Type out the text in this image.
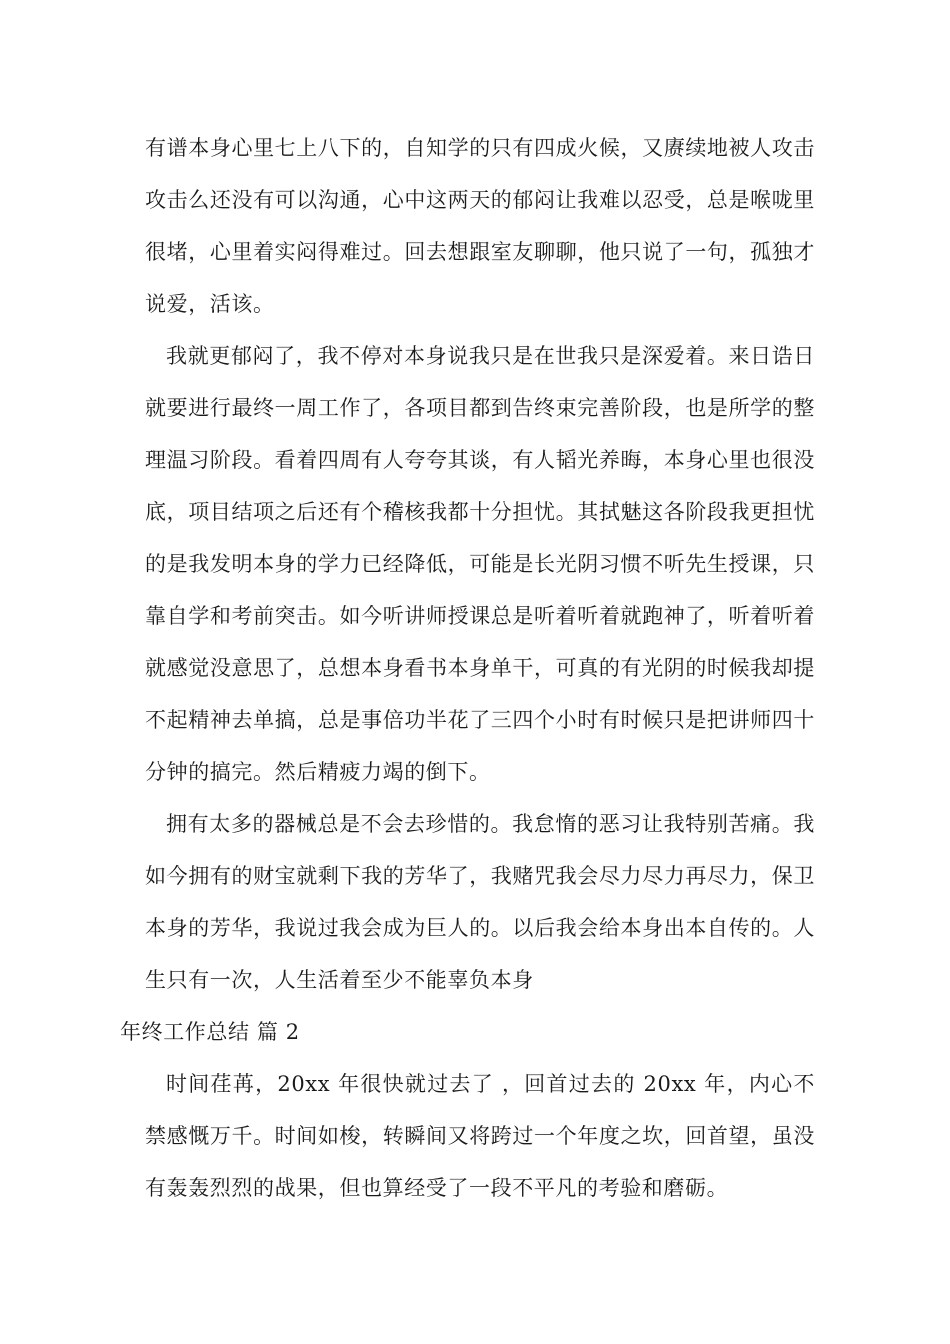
有谱本身心里七上八下的，自知学的只有四成火候，又赓续地被人攻击攻击么还没有可以沟通，心中这两天的郁闷让我难以忍受，总是喉咙里很堵，心里着实闷得难过。回去想跟室友聊聊，他只说了一句，孤独才说爱，活该。

我就更郁闷了，我不停对本身说我只是在世我只是深爱着。来日诰日就要进行最终一周工作了，各项目都到告终束完善阶段，也是所学的整理温习阶段。看着四周有人夸夸其谈，有人韬光养晦，本身心里也很没底，项目结项之后还有个稽核我都十分担忧。其拭魅这各阶段我更担忧的是我发明本身的学力已经降低，可能是长光阴习惯不听先生授课，只靠自学和考前突击。如今听讲师授课总是听着听着就跑神了，听着听着就感觉没意思了，总想本身看书本身单干，可真的有光阴的时候我却提不起精神去单搞，总是事倍功半花了三四个小时有时候只是把讲师四十分钟的搞完。然后精疲力竭的倒下。

拥有太多的器械总是不会去珍惜的。我怠惰的恶习让我特别苦痛。我如今拥有的财宝就剩下我的芳华了，我赌咒我会尽力尽力再尽力，保卫本身的芳华，我说过我会成为巨人的。以后我会给本身出本自传的。人生只有一次，人生活着至少不能辜负本身

年终工作总结 篇 2

时间荏苒，20xx 年很快就过去了 ，回首过去的 20xx 年，内心不禁感慨万千。时间如梭，转瞬间又将跨过一个年度之坎，回首望，虽没有轰轰烈烈的战果，但也算经受了一段不平凡的考验和磨砺。
